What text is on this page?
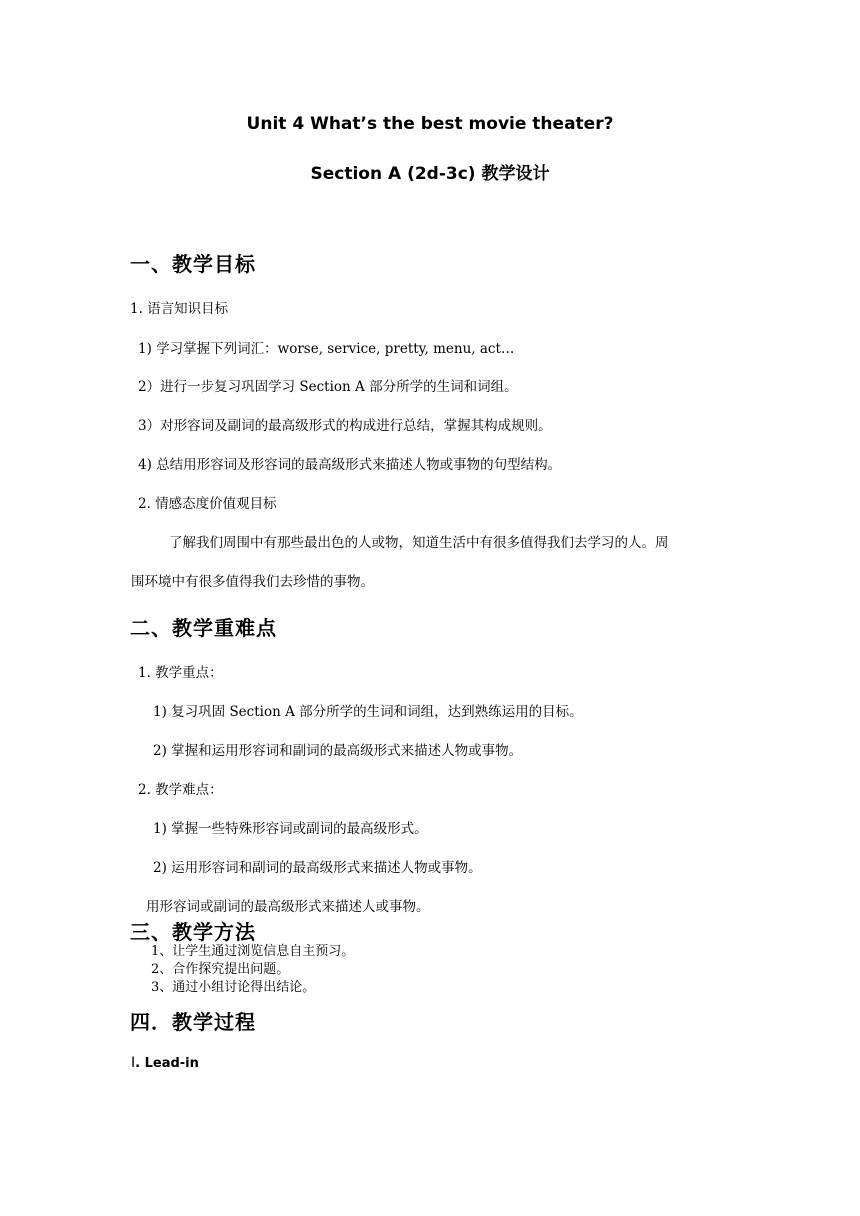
Unit 4 What’s the best movie theater?
Section A (2d-3c) 教学设计
一、教学目标
1. 语言知识目标
1) 学习掌握下列词汇：worse, service, pretty, menu, act…
2）进行一步复习巩固学习 Section A 部分所学的生词和词组。
3）对形容词及副词的最高级形式的构成进行总结，掌握其构成规则。
4) 总结用形容词及形容词的最高级形式来描述人物或事物的句型结构。
2. 情感态度价值观目标
了解我们周围中有那些最出色的人或物，知道生活中有很多值得我们去学习的人。周
围环境中有很多值得我们去珍惜的事物。
二、教学重难点
1. 教学重点：
1) 复习巩固 Section A 部分所学的生词和词组，达到熟练运用的目标。
2) 掌握和运用形容词和副词的最高级形式来描述人物或事物。
2. 教学难点：
1) 掌握一些特殊形容词或副词的最高级形式。
2) 运用形容词和副词的最高级形式来描述人物或事物。
用形容词或副词的最高级形式来描述人或事物。
三、教学方法
1、让学生通过浏览信息自主预习。
2、合作探究提出问题。
3、通过小组讨论得出结论。
四．教学过程
Ⅰ. Lead-in
